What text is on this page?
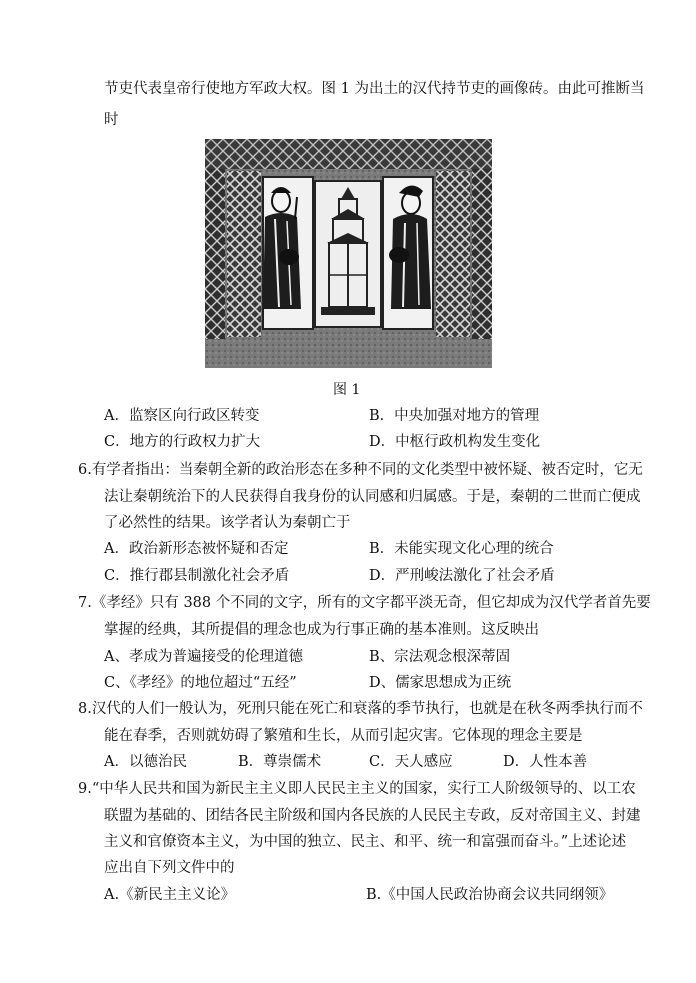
节吏代表皇帝行使地方军政大权。图 1 为出土的汉代持节吏的画像砖。由此可推断当
时
图 1
A．监察区向行政区转变	B．中央加强对地方的管理
C．地方的行政权力扩大	D．中枢行政机构发生变化
6.有学者指出：当秦朝全新的政治形态在多种不同的文化类型中被怀疑、被否定时，它无
法让秦朝统治下的人民获得自我身份的认同感和归属感。于是，秦朝的二世而亡便成
了必然性的结果。该学者认为秦朝亡于
A．政治新形态被怀疑和否定	B．未能实现文化心理的统合
C．推行郡县制激化社会矛盾	D．严刑峻法激化了社会矛盾
7.《孝经》只有 388 个不同的文字，所有的文字都平淡无奇，但它却成为汉代学者首先要
掌握的经典，其所提倡的理念也成为行事正确的基本准则。这反映出
A、孝成为普遍接受的伦理道德	B、宗法观念根深蒂固
C、《孝经》的地位超过“五经”	D、儒家思想成为正统
8.汉代的人们一般认为，死刑只能在死亡和衰落的季节执行，也就是在秋冬两季执行而不
能在春季，否则就妨碍了繁殖和生长，从而引起灾害。它体现的理念主要是
A．以德治民	B．尊崇儒术	C．天人感应	D．人性本善
9.“中华人民共和国为新民主主义即人民民主主义的国家，实行工人阶级领导的、以工农
联盟为基础的、团结各民主阶级和国内各民族的人民民主专政，反对帝国主义、封建
主义和官僚资本主义，为中国的独立、民主、和平、统一和富强而奋斗。”上述论述
应出自下列文件中的
A.《新民主主义论》	B.《中国人民政治协商会议共同纲领》
